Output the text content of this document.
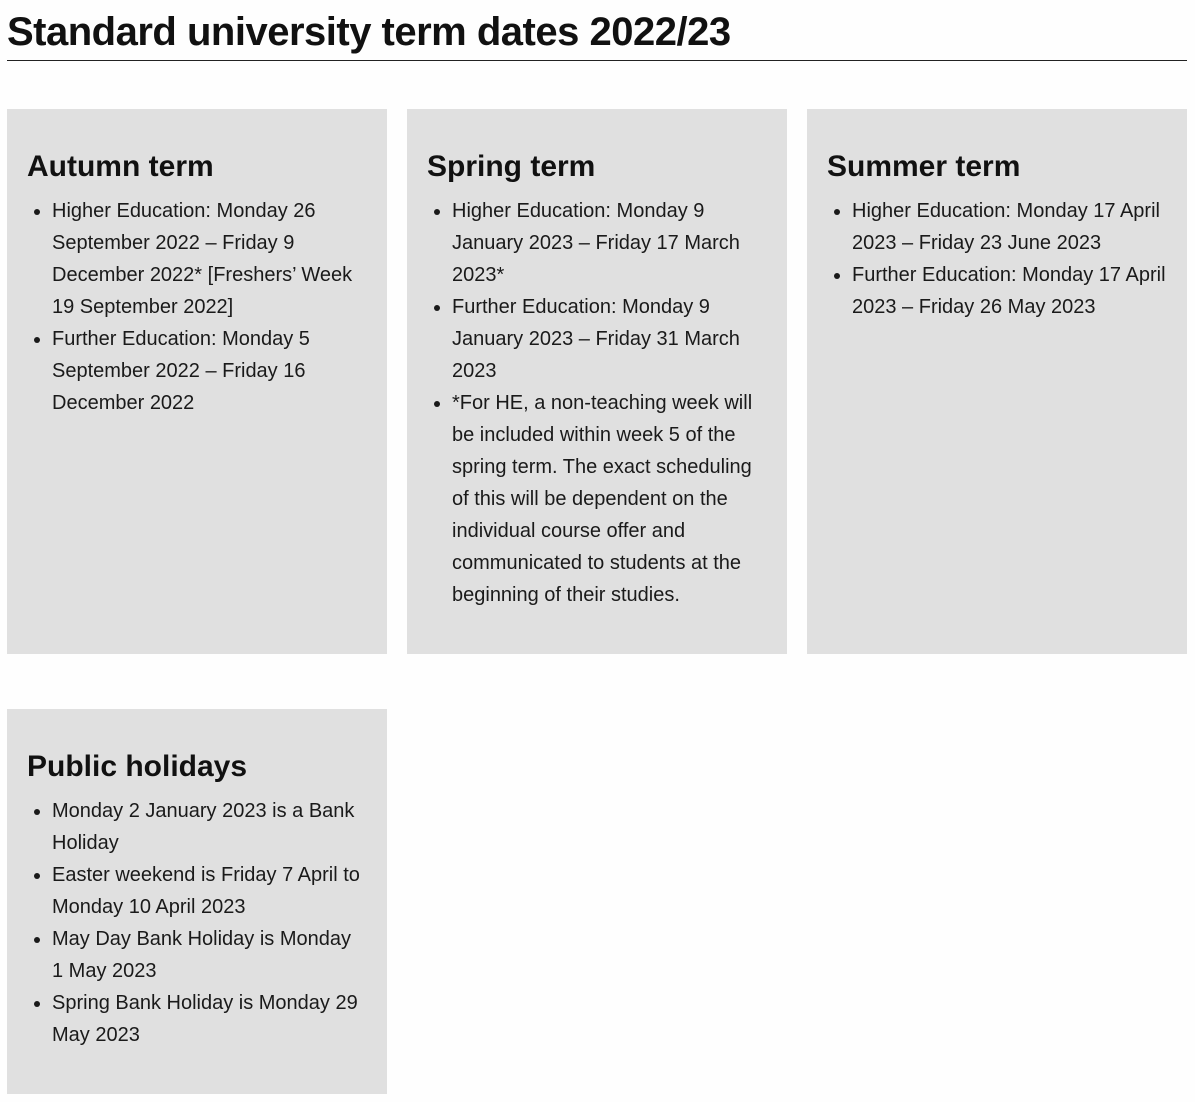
Standard university term dates 2022/23
Autumn term
• Higher Education: Monday 26 September 2022 – Friday 9 December 2022* [Freshers’ Week 19 September 2022]
• Further Education: Monday 5 September 2022 – Friday 16 December 2022
Spring term
• Higher Education: Monday 9 January 2023 – Friday 17 March 2023*
• Further Education: Monday 9 January 2023 – Friday 31 March 2023
• *For HE, a non-teaching week will be included within week 5 of the spring term. The exact scheduling of this will be dependent on the individual course offer and communicated to students at the beginning of their studies.
Summer term
• Higher Education: Monday 17 April 2023 – Friday 23 June 2023
• Further Education: Monday 17 April 2023 – Friday 26 May 2023
Public holidays
• Monday 2 January 2023 is a Bank Holiday
• Easter weekend is Friday 7 April to Monday 10 April 2023
• May Day Bank Holiday is Monday 1 May 2023
• Spring Bank Holiday is Monday 29 May 2023
